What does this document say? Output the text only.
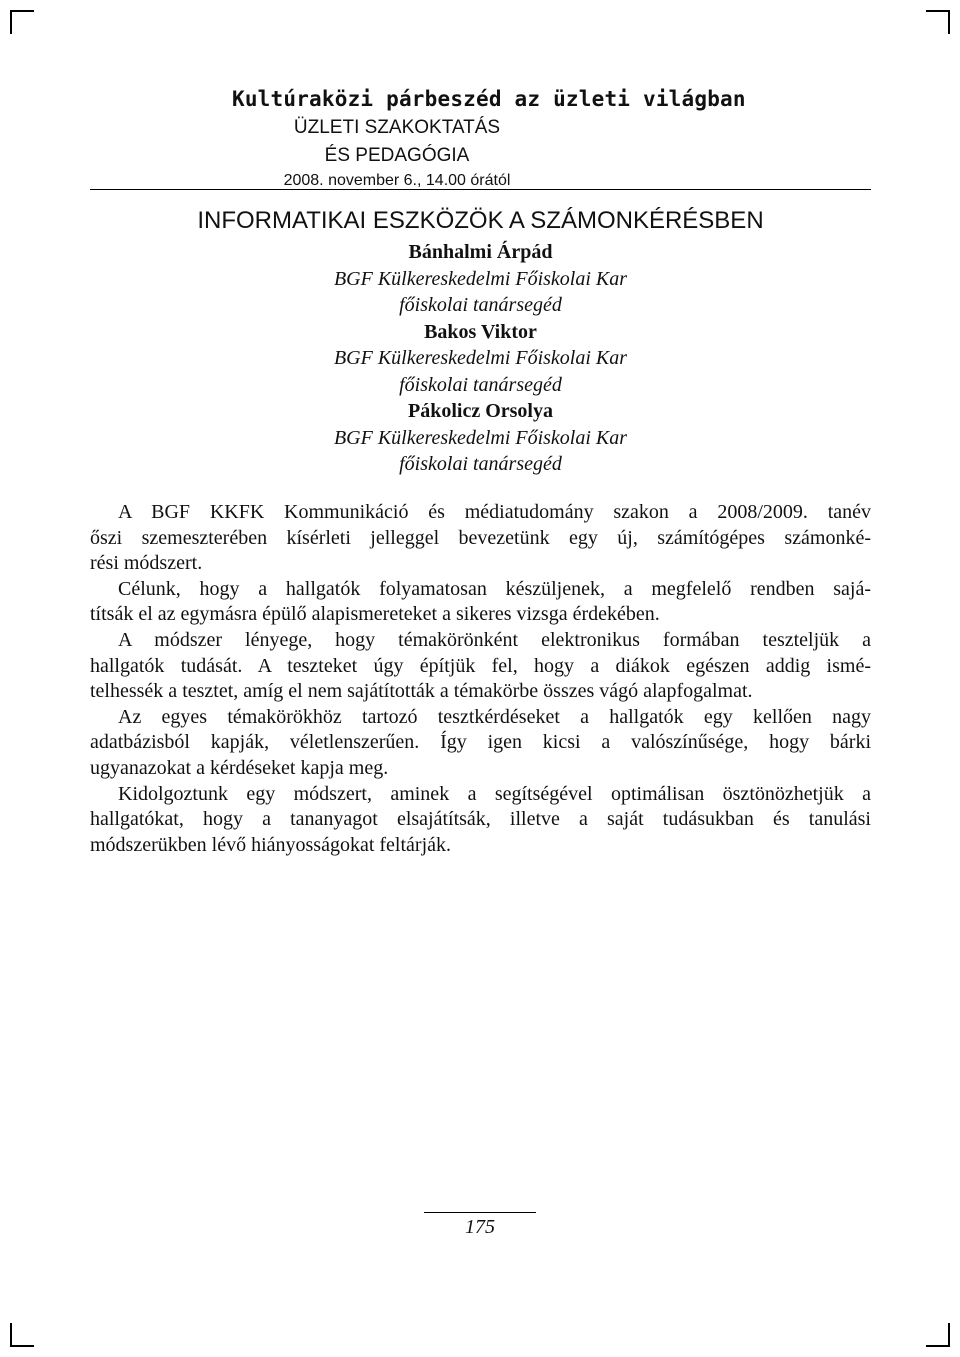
Kultúraközi párbeszéd az üzleti világban
ÜZLETI SZAKOKTATÁS
ÉS PEDAGÓGIA
2008. november 6., 14.00 órától
INFORMATIKAI ESZKÖZÖK A SZÁMONKÉRÉSBEN
Bánhalmi Árpád
BGF Külkereskedelmi Főiskolai Kar
főiskolai tanársegéd
Bakos Viktor
BGF Külkereskedelmi Főiskolai Kar
főiskolai tanársegéd
Pákolicz Orsolya
BGF Külkereskedelmi Főiskolai Kar
főiskolai tanársegéd

A BGF KKFK Kommunikáció és médiatudomány szakon a 2008/2009. tanév

őszi szemeszterében kísérleti jelleggel bevezetünk egy új, számítógépes számonké-

rési módszert.

Célunk, hogy a hallgatók folyamatosan készüljenek, a megfelelő rendben sajá-

títsák el az egymásra épülő alapismereteket a sikeres vizsga érdekében.

A módszer lényege, hogy témakörönként elektronikus formában teszteljük a

hallgatók tudását. A teszteket úgy építjük fel, hogy a diákok egészen addig ismé-

telhessék a tesztet, amíg el nem sajátították a témakörbe összes vágó alapfogalmat.

Az egyes témakörökhöz tartozó tesztkérdéseket a hallgatók egy kellően nagy

adatbázisból kapják, véletlenszerűen. Így igen kicsi a valószínűsége, hogy bárki

ugyanazokat a kérdéseket kapja meg.

Kidolgoztunk egy módszert, aminek a segítségével optimálisan ösztönözhetjük a

hallgatókat, hogy a tananyagot elsajátítsák, illetve a saját tudásukban és tanulási

módszerükben lévő hiányosságokat feltárják.

175
